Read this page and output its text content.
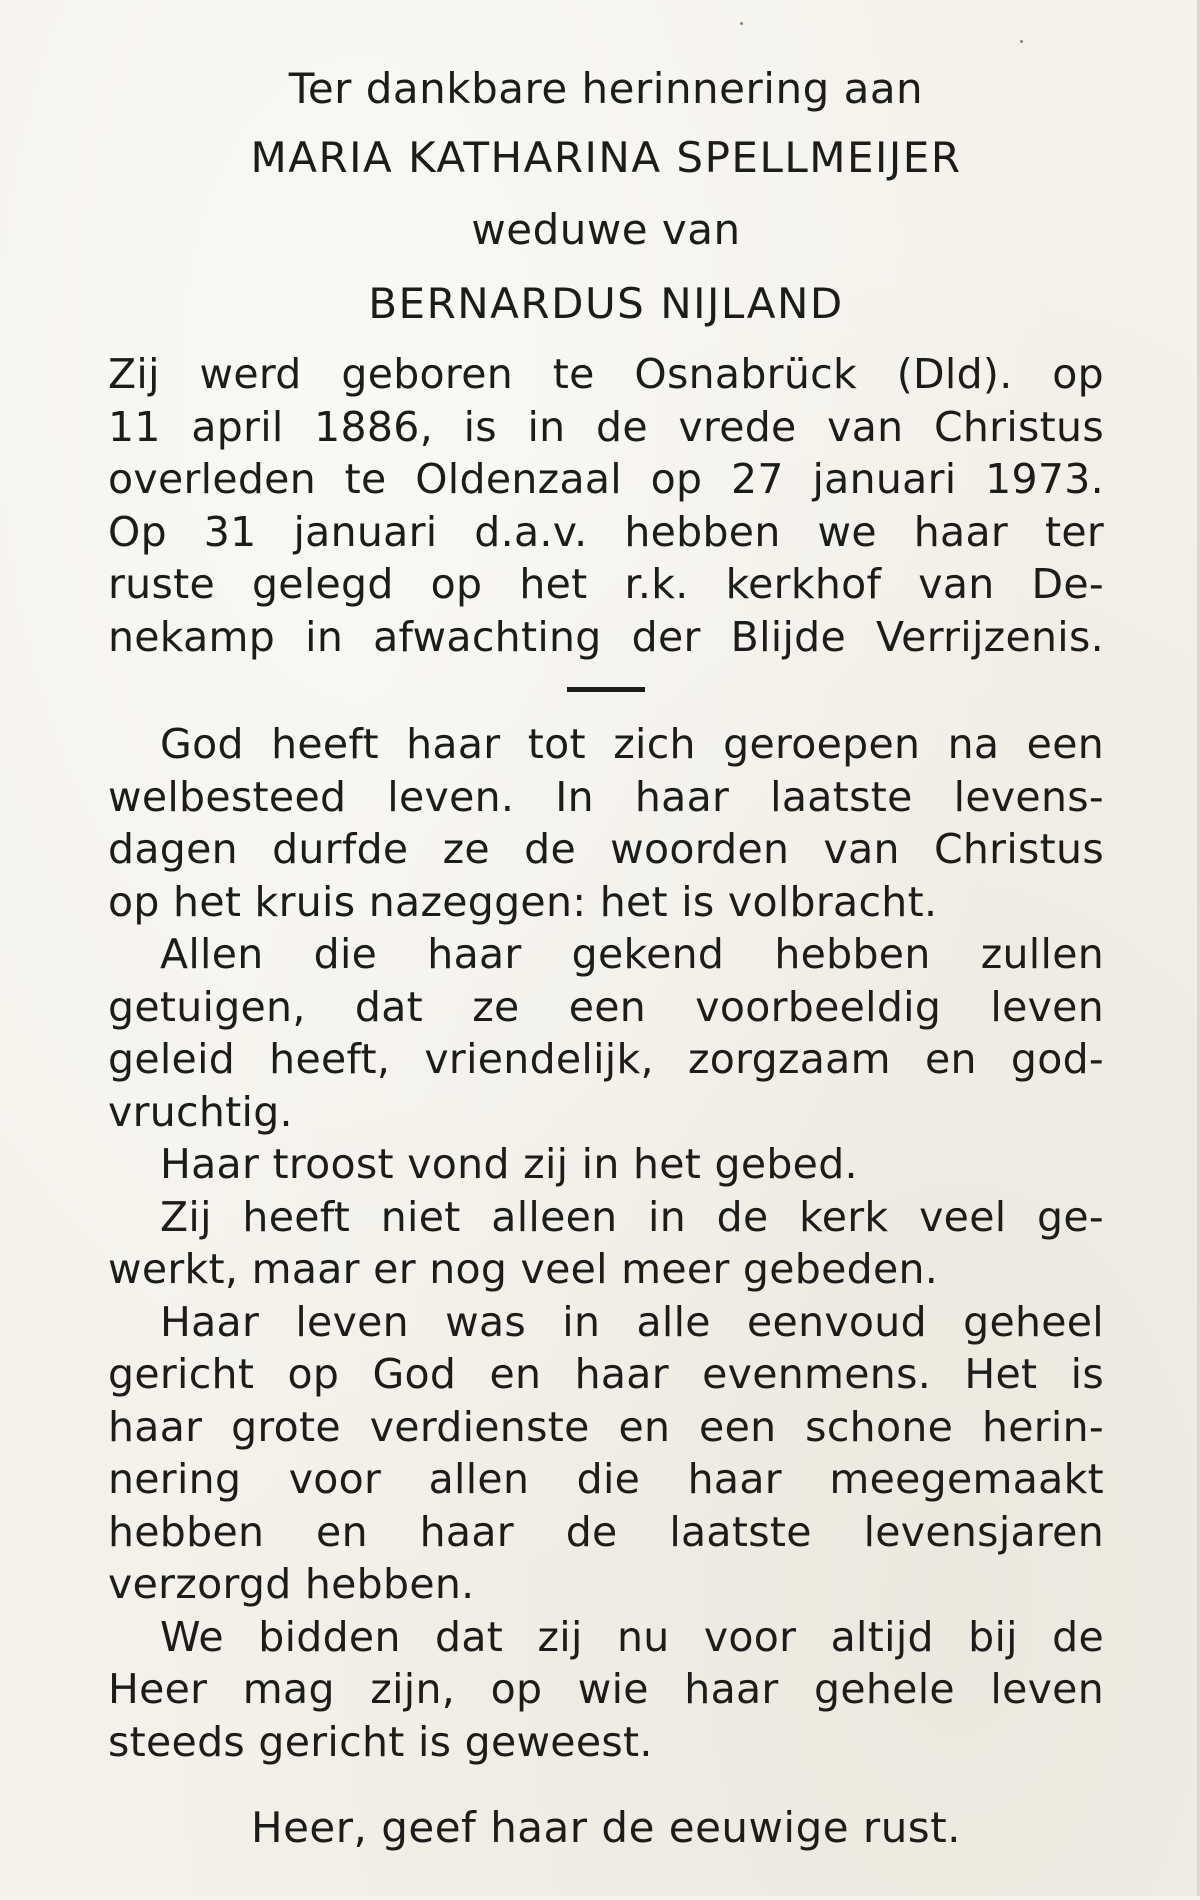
Ter dankbare herinnering aan

MARIA KATHARINA SPELLMEIJER

weduwe van

BERNARDUS NIJLAND

Zij werd geboren te Osnabrück (Dld). op
11 april 1886, is in de vrede van Christus
overleden te Oldenzaal op 27 januari 1973.
Op 31 januari d.a.v. hebben we haar ter
ruste gelegd op het r.k. kerkhof van De-
nekamp in afwachting der Blijde Verrijzenis.
God heeft haar tot zich geroepen na een
welbesteed leven. In haar laatste levens-
dagen durfde ze de woorden van Christus
op het kruis nazeggen: het is volbracht.
Allen die haar gekend hebben zullen
getuigen, dat ze een voorbeeldig leven
geleid heeft, vriendelijk, zorgzaam en god-
vruchtig.
Haar troost vond zij in het gebed.
Zij heeft niet alleen in de kerk veel ge-
werkt, maar er nog veel meer gebeden.
Haar leven was in alle eenvoud geheel
gericht op God en haar evenmens. Het is
haar grote verdienste en een schone herin-
nering voor allen die haar meegemaakt
hebben en haar de laatste levensjaren
verzorgd hebben.
We bidden dat zij nu voor altijd bij de
Heer mag zijn, op wie haar gehele leven
steeds gericht is geweest.

Heer, geef haar de eeuwige rust.
